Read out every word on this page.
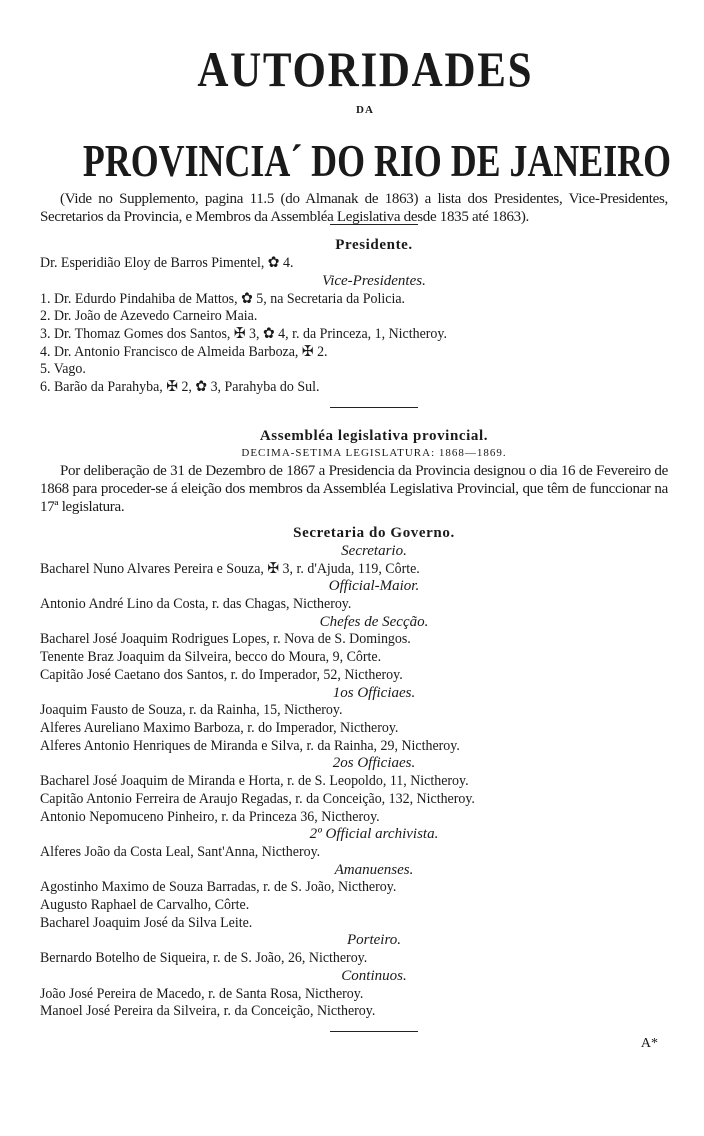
AUTORIDADES
DA
PROVINCIA´ DO RIO DE JANEIRO
(Vide no Supplemento, pagina 11.5 (do Almanak de 1863) a lista dos Presidentes, Vice-Presidentes, Secretarios da Provincia, e Membros da Assembléa Legislativa desde 1835 até 1863).
Presidente.
Dr. Esperidião Eloy de Barros Pimentel, ✿ 4.
Vice-Presidentes.
1. Dr. Edurdo Pindahiba de Mattos, ✿ 5, na Secretaria da Policia.
2. Dr. João de Azevedo Carneiro Maia.
3. Dr. Thomaz Gomes dos Santos, ✠ 3, ✿ 4, r. da Princeza, 1, Nictheroy.
4. Dr. Antonio Francisco de Almeida Barboza, ✠ 2.
5. Vago.
6. Barão da Parahyba, ✠ 2, ✿ 3, Parahyba do Sul.
Assembléa legislativa provincial.
DECIMA-SETIMA LEGISLATURA: 1868—1869.
Por deliberação de 31 de Dezembro de 1867 a Presidencia da Provincia designou o dia 16 de Fevereiro de 1868 para proceder-se á eleição dos membros da Assembléa Legislativa Provincial, que têm de funccionar na 17ª legislatura.
Secretaria do Governo.
Secretario.
Bacharel Nuno Alvares Pereira e Souza, ✠ 3, r. d'Ajuda, 119, Côrte.
Official-Maior.
Antonio André Lino da Costa, r. das Chagas, Nictheroy.
Chefes de Secção.
Bacharel José Joaquim Rodrigues Lopes, r. Nova de S. Domingos.
Tenente Braz Joaquim da Silveira, becco do Moura, 9, Côrte.
Capitão José Caetano dos Santos, r. do Imperador, 52, Nictheroy.
1os Officiaes.
Joaquim Fausto de Souza, r. da Rainha, 15, Nictheroy.
Alferes Aureliano Maximo Barboza, r. do Imperador, Nictheroy.
Alferes Antonio Henriques de Miranda e Silva, r. da Rainha, 29, Nictheroy.
2os Officiaes.
Bacharel José Joaquim de Miranda e Horta, r. de S. Leopoldo, 11, Nictheroy.
Capitão Antonio Ferreira de Araujo Regadas, r. da Conceição, 132, Nictheroy.
Antonio Nepomuceno Pinheiro, r. da Princeza 36, Nictheroy.
2º Official archivista.
Alferes João da Costa Leal, Sant'Anna, Nictheroy.
Amanuenses.
Agostinho Maximo de Souza Barradas, r. de S. João, Nictheroy.
Augusto Raphael de Carvalho, Côrte.
Bacharel Joaquim José da Silva Leite.
Porteiro.
Bernardo Botelho de Siqueira, r. de S. João, 26, Nictheroy.
Continuos.
João José Pereira de Macedo, r. de Santa Rosa, Nictheroy.
Manoel José Pereira da Silveira, r. da Conceição, Nictheroy.
A*
